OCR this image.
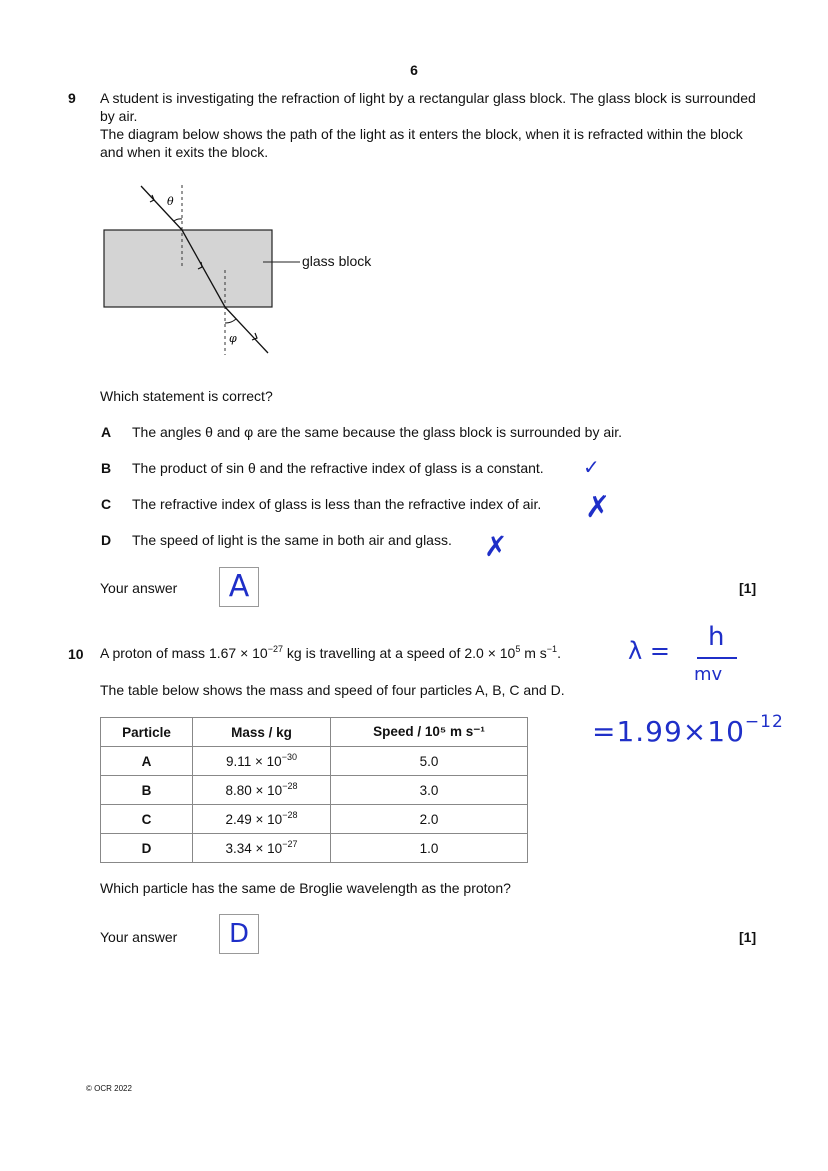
6
9 A student is investigating the refraction of light by a rectangular glass block. The glass block is surrounded by air.
The diagram below shows the path of the light as it enters the block, when it is refracted within the block and when it exits the block.
θ
φ
glass block
Which statement is correct?
A The angles θ and φ are the same because the glass block is surrounded by air.
B The product of sin θ and the refractive index of glass is a constant.
C The refractive index of glass is less than the refractive index of air.
D The speed of light is the same in both air and glass.
✓
✗
✗
Your answer A	[1]
10 A proton of mass $1.67 \times 10^{-27}$ kg is travelling at a speed of $2.0 \times 10^5$ m $s^{-1}$.	λ = h
mv
$=1.99\times 10^{-12}$
The table below shows the mass and speed of four particles A, B, C and D.
Particle	Mass / kg	Speed / 10⁵ m s⁻¹
A	$9.11 \times 10^{-30}$	5.0
B	$8.80 \times 10^{-28}$	3.0
C	$2.49 \times 10^{-28}$	2.0
D	$3.34 \times 10^{-27}$	1.0
Which particle has the same de Broglie wavelength as the proton?
Your answer	D	[1]
© OCR 2022
